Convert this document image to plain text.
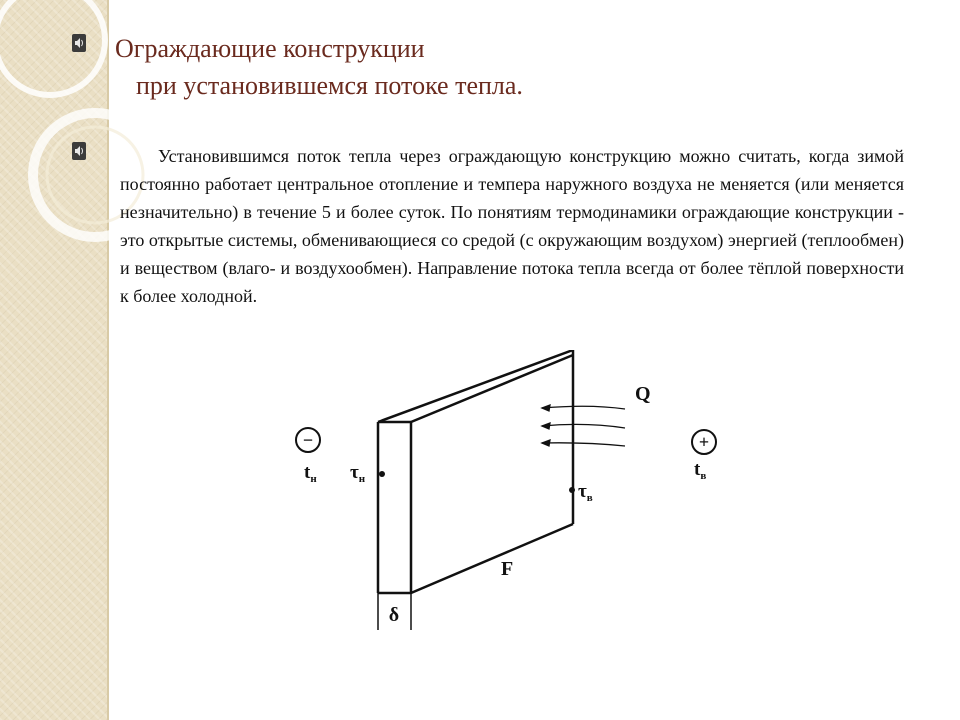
Ограждающие конструкции
при установившемся потоке тепла.
Установившимся поток тепла через ограждающую конструкцию можно считать, когда зимой постоянно работает центральное отопление и темпера наружного воздуха не меняется (или меняется незначительно) в течение 5 и более суток. По понятиям термодинамики ограждающие конструкции - это открытые системы, обменивающиеся со средой (с окружающим воздухом) энергией (теплообмен) и веществом (влаго- и воздухообмен). Направление потока тепла всегда от более тёплой поверхности к более холодной.
δ
Q
F
−	+
$t_н$ $\tau_н$
$\tau_в$
$t_в$
